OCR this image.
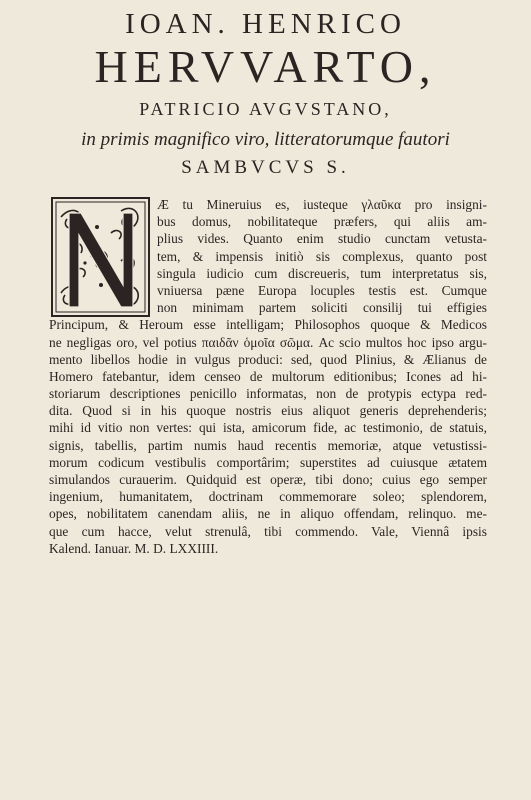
IOAN. HENRICO
HERVVARTO,
PATRICIO AVGVSTANO,
in primis magnifico viro, litteratorumque fautori
SAMBVCVS S.
Æ tu Mineruius es, iusteque γλαῦκα pro insigni-
bus domus, nobilitateque præfers, qui aliis am-
plius vides. Quanto enim studio cunctam vetusta-
tem, & impensis initiò sis complexus, quanto post
singula iudicio cum discreueris, tum interpretatus sis,
vniuersa pæne Europa locuples testis est. Cumque
non minimam partem soliciti consilij tui effigies
Principum, & Heroum esse intelligam; Philosophos quoque & Medicos
ne negligas oro, vel potius παιδᾶν ὁμοῖα σῶμα. Ac scio multos hoc ipso argu-
mento libellos hodie in vulgus produci: sed, quod Plinius, & Ælianus de
Homero fatebantur, idem censeo de multorum editionibus; Icones ad hi-
storiarum descriptiones penicillo informatas, non de protypis ectypa red-
dita. Quod si in his quoque nostris eius aliquot generis deprehenderis;
mihi id vitio non vertes: qui ista, amicorum fide, ac testimonio, de statuis,
signis, tabellis, partim numis haud recentis memoriæ, atque vetustissi-
morum codicum vestibulis comportârim; superstites ad cuiusque ætatem
simulandos curauerim. Quidquid est operæ, tibi dono; cuius ego semper
ingenium, humanitatem, doctrinam commemorare soleo; splendorem,
opes, nobilitatem canendam aliis, ne in aliquo offendam, relinquo. me-
que cum hacce, velut strenulâ, tibi commendo. Vale, Viennâ ipsis
Kalend. Ianuar. M. D. LXXIIII.
